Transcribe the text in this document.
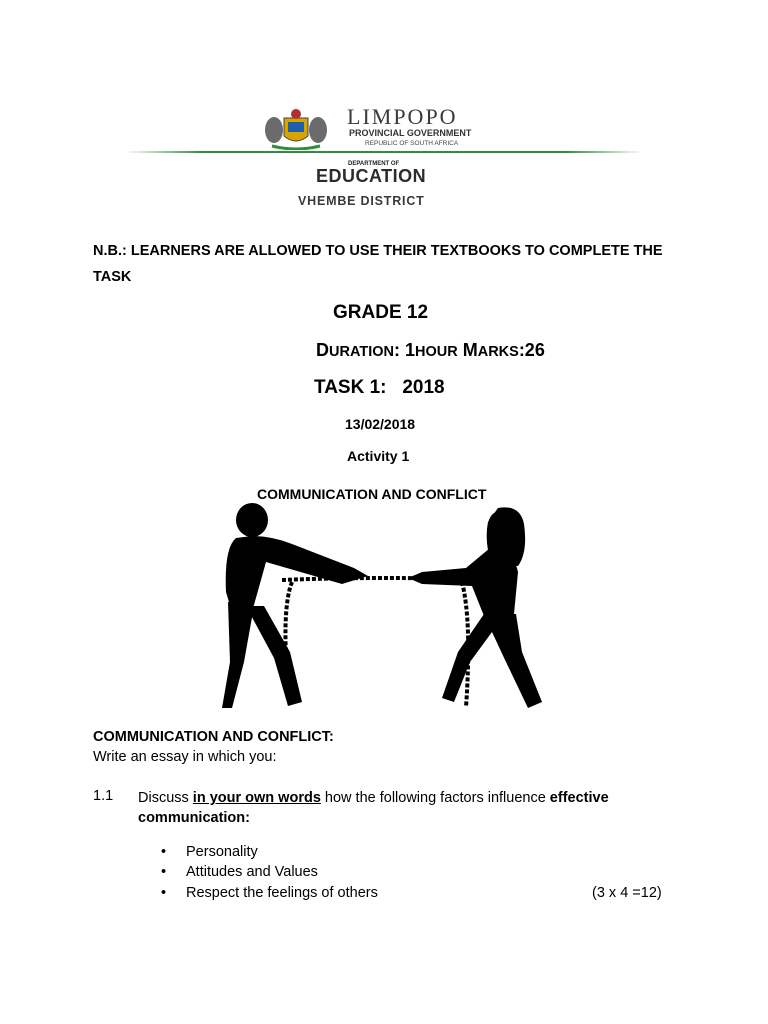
LIMPOPO
PROVINCIAL GOVERNMENT
REPUBLIC OF SOUTH AFRICA
DEPARTMENT OF
EDUCATION
VHEMBE DISTRICT
N.B.: LEARNERS ARE ALLOWED TO USE THEIR TEXTBOOKS TO COMPLETE THE TASK
GRADE 12
DURATION: 1HOUR MARKS:26
TASK 1:   2018
13/02/2018
Activity 1
COMMUNICATION AND CONFLICT
COMMUNICATION AND CONFLICT:
Write an essay in which you:
1.1 Discuss in your own words how the following factors influence effective communication:
• Personality
• Attitudes and Values
• Respect the feelings of others	(3 x 4 =12)
